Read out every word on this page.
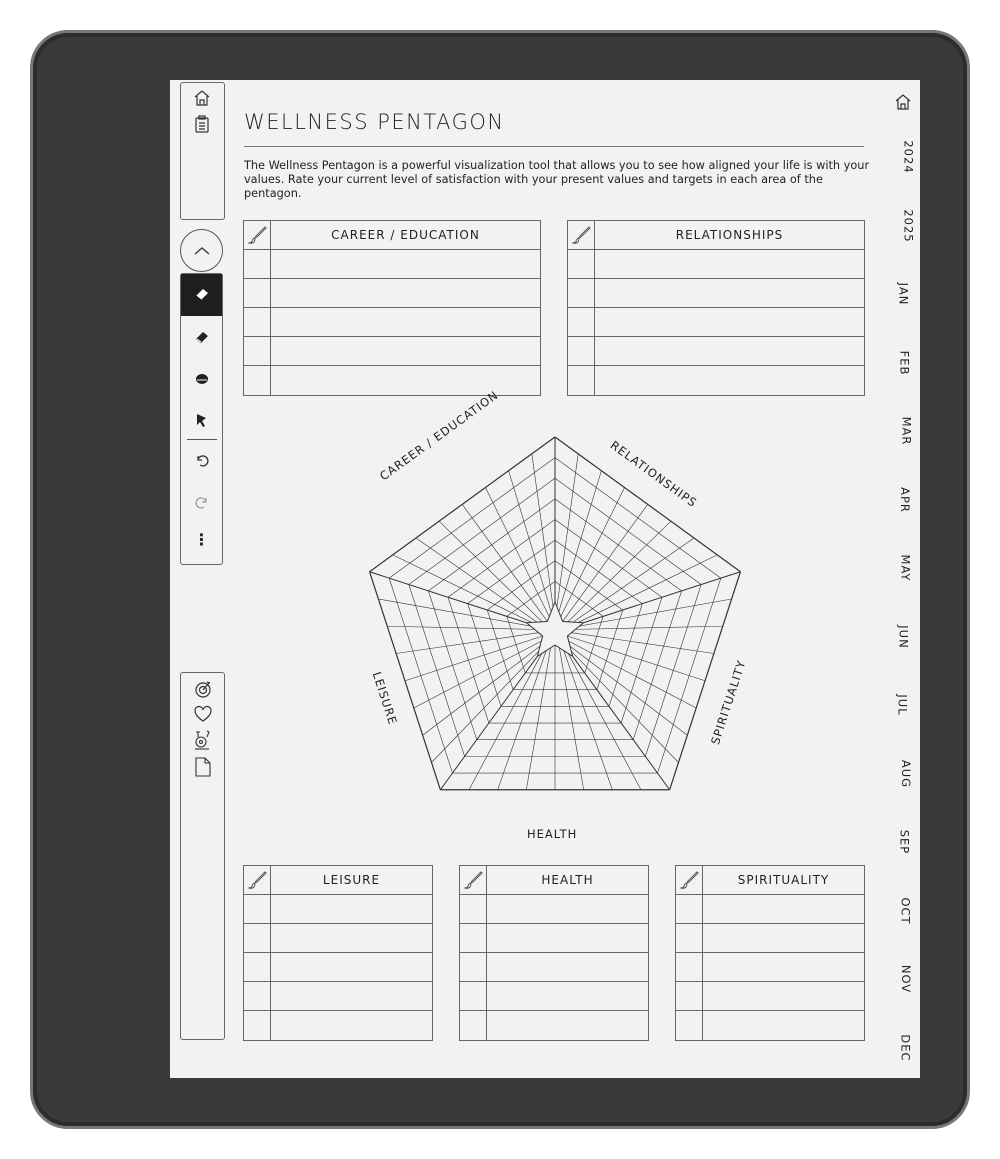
⋮
WELLNESS PENTAGON
The Wellness Pentagon is a powerful visualization tool that allows you to see how aligned your life is with your values. Rate your current level of satisfaction with your present values and targets in each area of the pentagon.
CAREER / EDUCATION	RELATIONSHIPS
CAREER / EDUCATION	RELATIONSHIPS
SPIRITUALITY
HEALTH
LEISURE
LEISURE	HEALTH	SPIRITUALITY
2024
2025
JAN
FEB
MAR
APR
MAY
JUN
JUL
AUG
SEP
OCT
NOV
DEC
